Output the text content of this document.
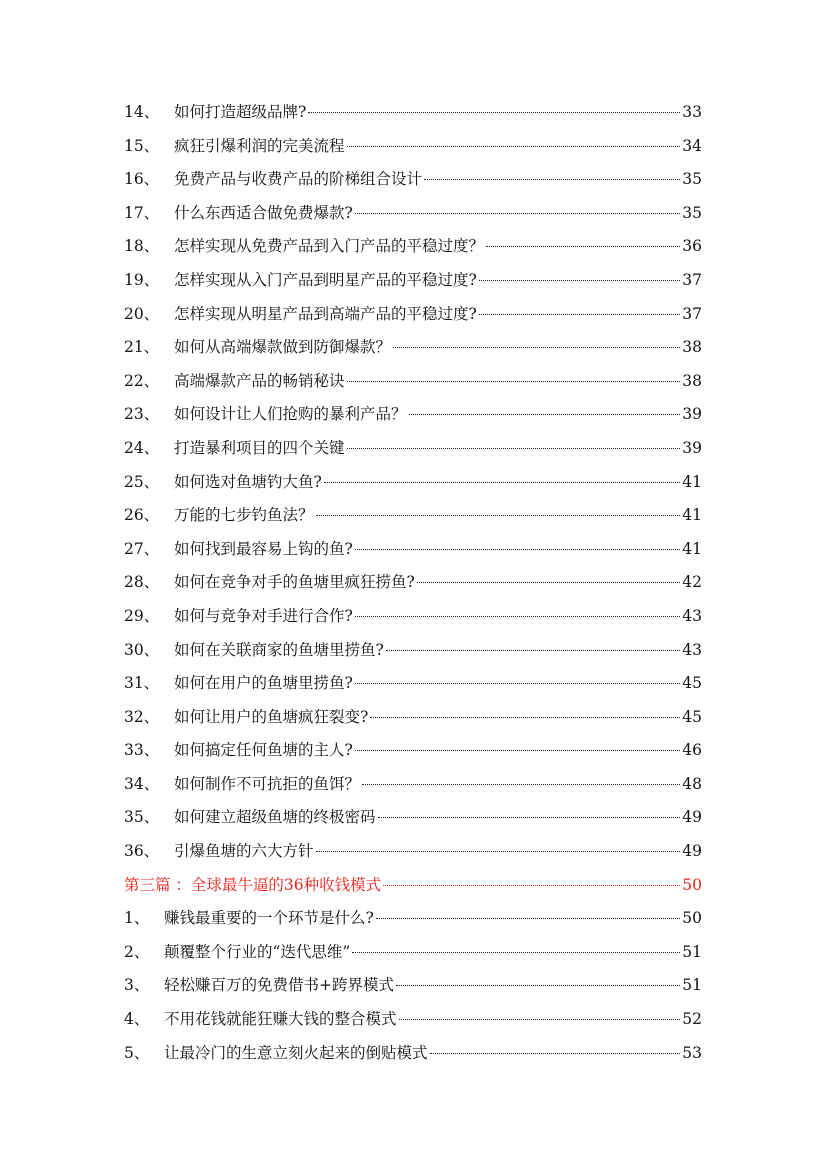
14、 如何打造超级品牌?	33
15、 疯狂引爆利润的完美流程	34
16、 免费产品与收费产品的阶梯组合设计	35
17、 什么东西适合做免费爆款?	35
18、 怎样实现从免费产品到入门产品的平稳过度？	36
19、 怎样实现从入门产品到明星产品的平稳过度?	37
20、 怎样实现从明星产品到高端产品的平稳过度?	37
21、 如何从高端爆款做到防御爆款？	38
22、 高端爆款产品的畅销秘诀	38
23、 如何设计让人们抢购的暴利产品？	39
24、 打造暴利项目的四个关键	39
25、 如何选对鱼塘钓大鱼?	41
26、 万能的七步钓鱼法？	41
27、 如何找到最容易上钩的鱼?	41
28、 如何在竞争对手的鱼塘里疯狂捞鱼?	42
29、 如何与竞争对手进行合作?	43
30、 如何在关联商家的鱼塘里捞鱼?	43
31、 如何在用户的鱼塘里捞鱼?	45
32、 如何让用户的鱼塘疯狂裂变?	45
33、 如何搞定任何鱼塘的主人?	46
34、 如何制作不可抗拒的鱼饵？	48
35、 如何建立超级鱼塘的终极密码	49
36、 引爆鱼塘的六大方针	49
第三篇 ：全球最牛逼的36种收钱模式	50
1、 赚钱最重要的一个环节是什么?	50
2、 颠覆整个行业的“迭代思维”	51
3、 轻松赚百万的免费借书+跨界模式	51
4、 不用花钱就能狂赚大钱的整合模式	52
5、 让最冷门的生意立刻火起来的倒贴模式	53
